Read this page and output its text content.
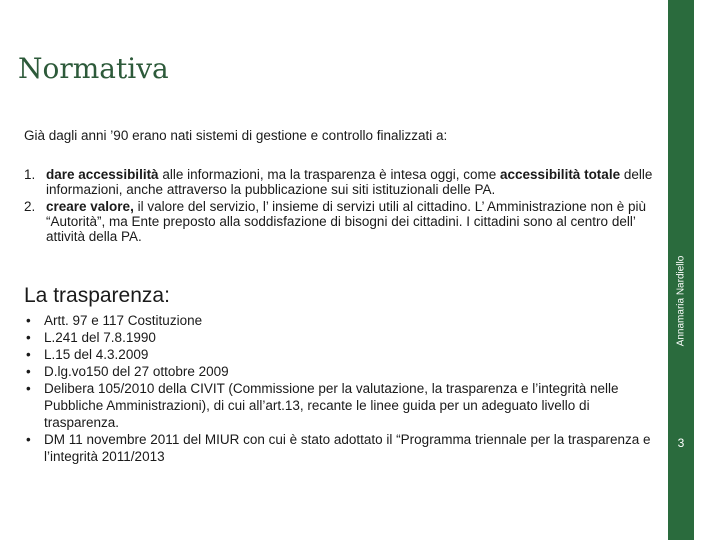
Normativa

Già dagli anni ’90 erano nati sistemi di gestione e controllo finalizzati a:

1. dare accessibilità alle informazioni, ma la trasparenza è intesa oggi, come accessibilità totale delle informazioni, anche attraverso la pubblicazione sui siti istituzionali delle PA.
2. creare valore, il valore del servizio, l’ insieme di servizi utili al cittadino. L’ Amministrazione non è più “Autorità”, ma Ente preposto alla soddisfazione di bisogni dei cittadini. I cittadini sono al centro dell’ attività della PA.
La trasparenza:
• Artt. 97 e 117 Costituzione
• L.241 del 7.8.1990
• L.15 del 4.3.2009
• D.lg.vo150 del 27 ottobre 2009
• Delibera 105/2010 della CIVIT (Commissione per la valutazione, la trasparenza e l’integrità nelle Pubbliche Amministrazioni), di cui all’art.13, recante le linee guida per un adeguato livello di trasparenza.
• DM 11 novembre 2011 del MIUR con cui è stato adottato il “Programma triennale per la trasparenza e l’integrità 2011/2013
Annamaria Nardiello
3
